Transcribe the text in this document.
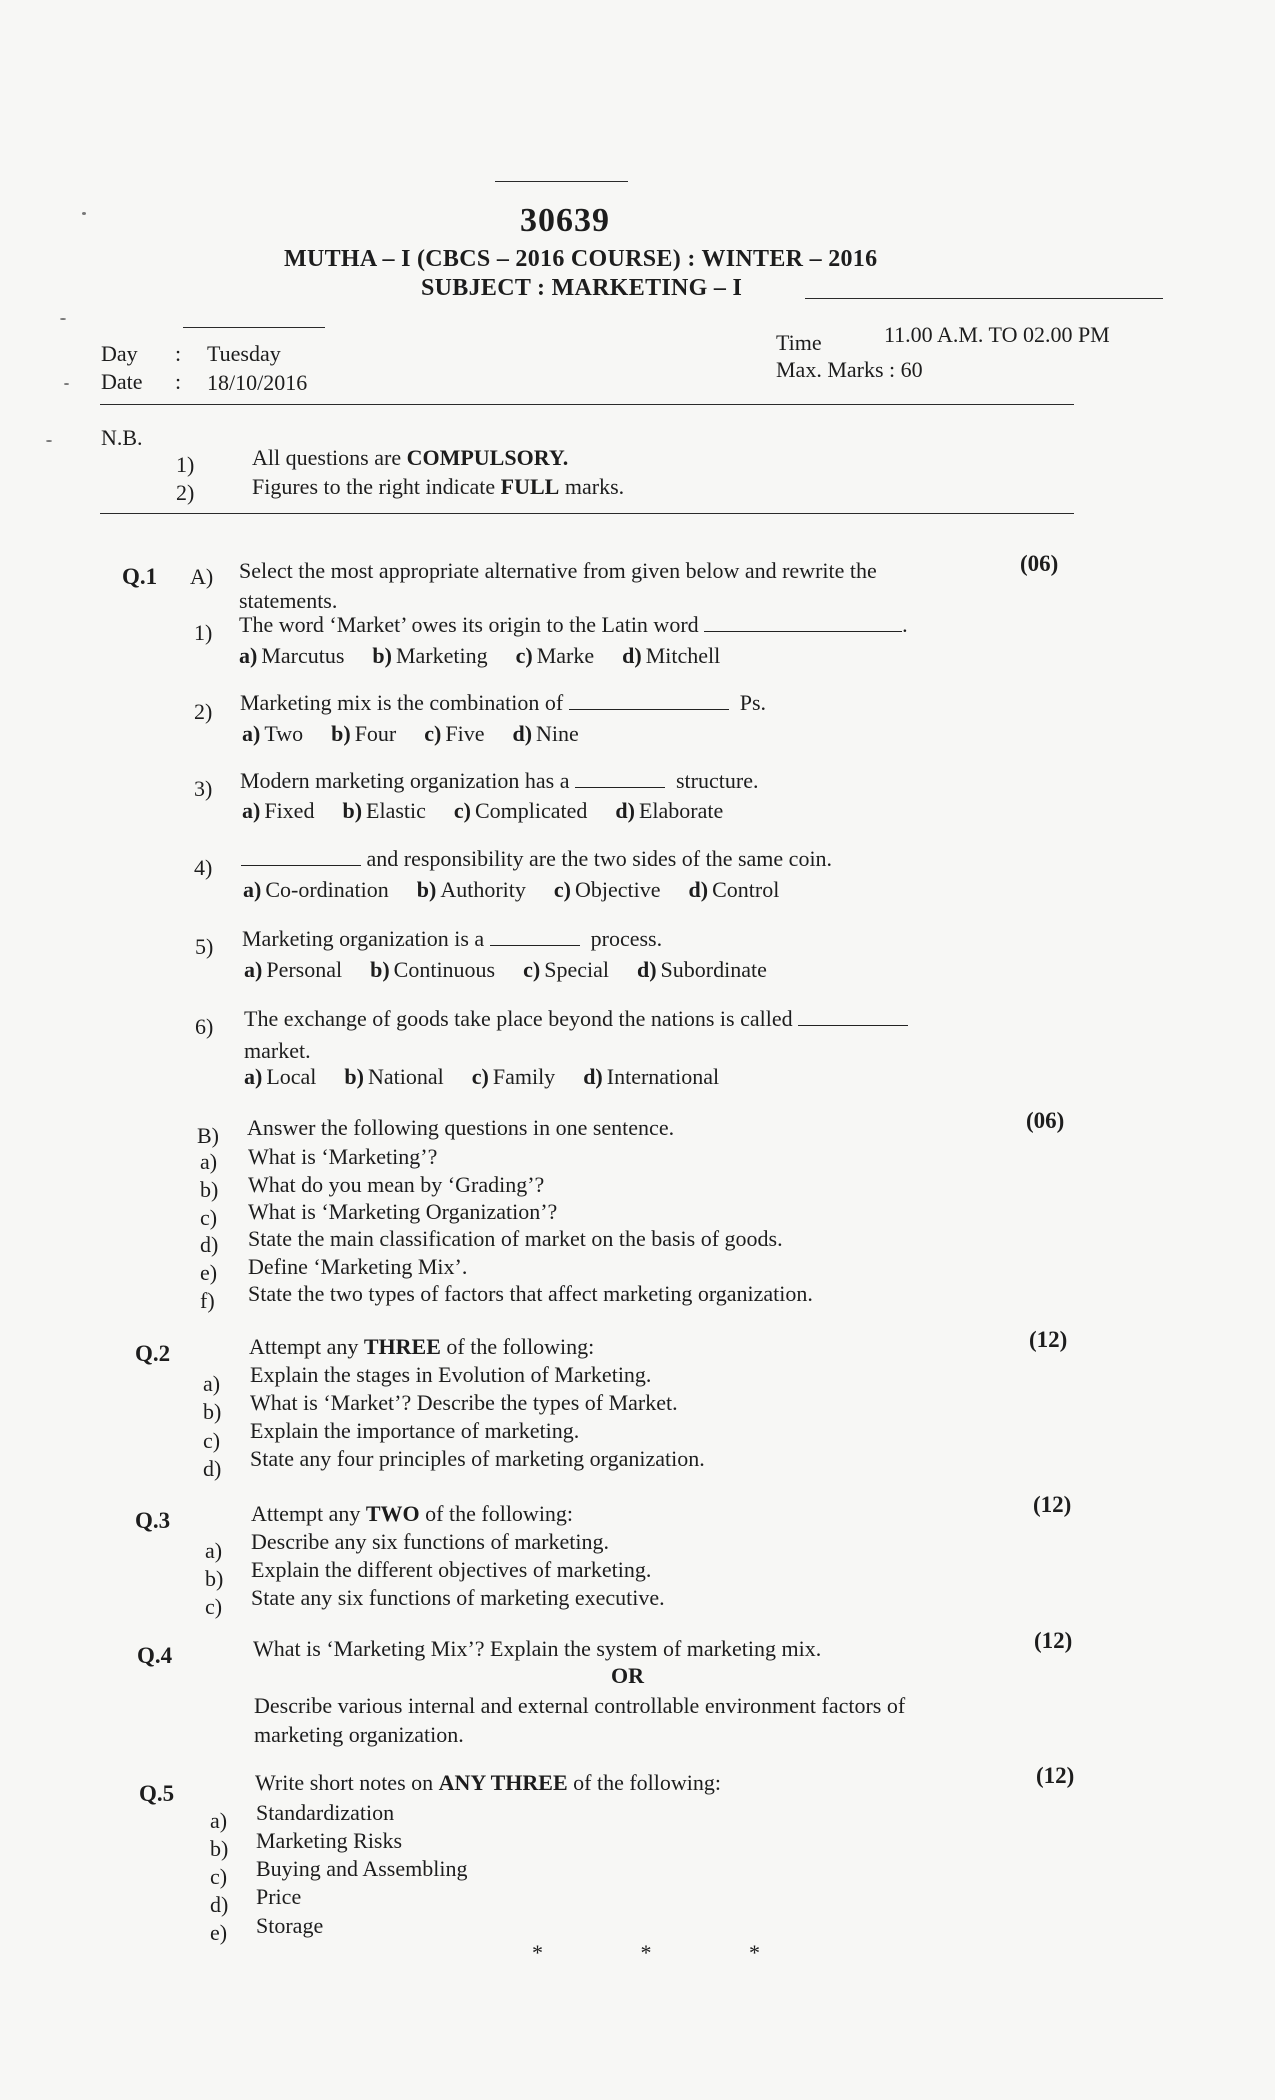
30639
MUTHA – I (CBCS – 2016 COURSE) : WINTER – 2016
SUBJECT : MARKETING – I
Day : Tuesday
Date : 18/10/2016
Time	11.00 A.M. TO 02.00 PM
Max. Marks : 60
N.B.
1)	All questions are COMPULSORY.
2)	Figures to the right indicate FULL marks.
Q.1 A) Select the most appropriate alternative from given below and rewrite the
statements.
(06)
1) The word ‘Market’ owes its origin to the Latin word	.
a) Marcutus b) Marketing c) Marke d) Mitchell
2) Marketing mix is the combination of	Ps.
a) Two b) Four c) Five d) Nine
3) Modern marketing organization has a	structure.
a) Fixed b) Elastic c) Complicated d) Elaborate
4)	and responsibility are the two sides of the same coin.
a) Co-ordination b) Authority c) Objective d) Control
5) Marketing organization is a	process.
a) Personal b) Continuous c) Special d) Subordinate
6) The exchange of goods take place beyond the nations is called
market.
a) Local b) National c) Family d) International
B) Answer the following questions in one sentence.	(06)
a) What is ‘Marketing’?
b) What do you mean by ‘Grading’?
c) What is ‘Marketing Organization’?
d) State the main classification of market on the basis of goods.
e) Define ‘Marketing Mix’.
f) State the two types of factors that affect marketing organization.
Q.2	Attempt any THREE of the following:	(12)
a) Explain the stages in Evolution of Marketing.
b) What is ‘Market’? Describe the types of Market.
c) Explain the importance of marketing.
d) State any four principles of marketing organization.
Q.3	Attempt any TWO of the following:	(12)
a) Describe any six functions of marketing.
b) Explain the different objectives of marketing.
c) State any six functions of marketing executive.
Q.4	What is ‘Marketing Mix’? Explain the system of marketing mix.	(12)
OR
Describe various internal and external controllable environment factors of
marketing organization.
Q.5	Write short notes on ANY THREE of the following:	(12)
a) Standardization
b) Marketing Risks
c) Buying and Assembling
d) Price
e) Storage
* * *
